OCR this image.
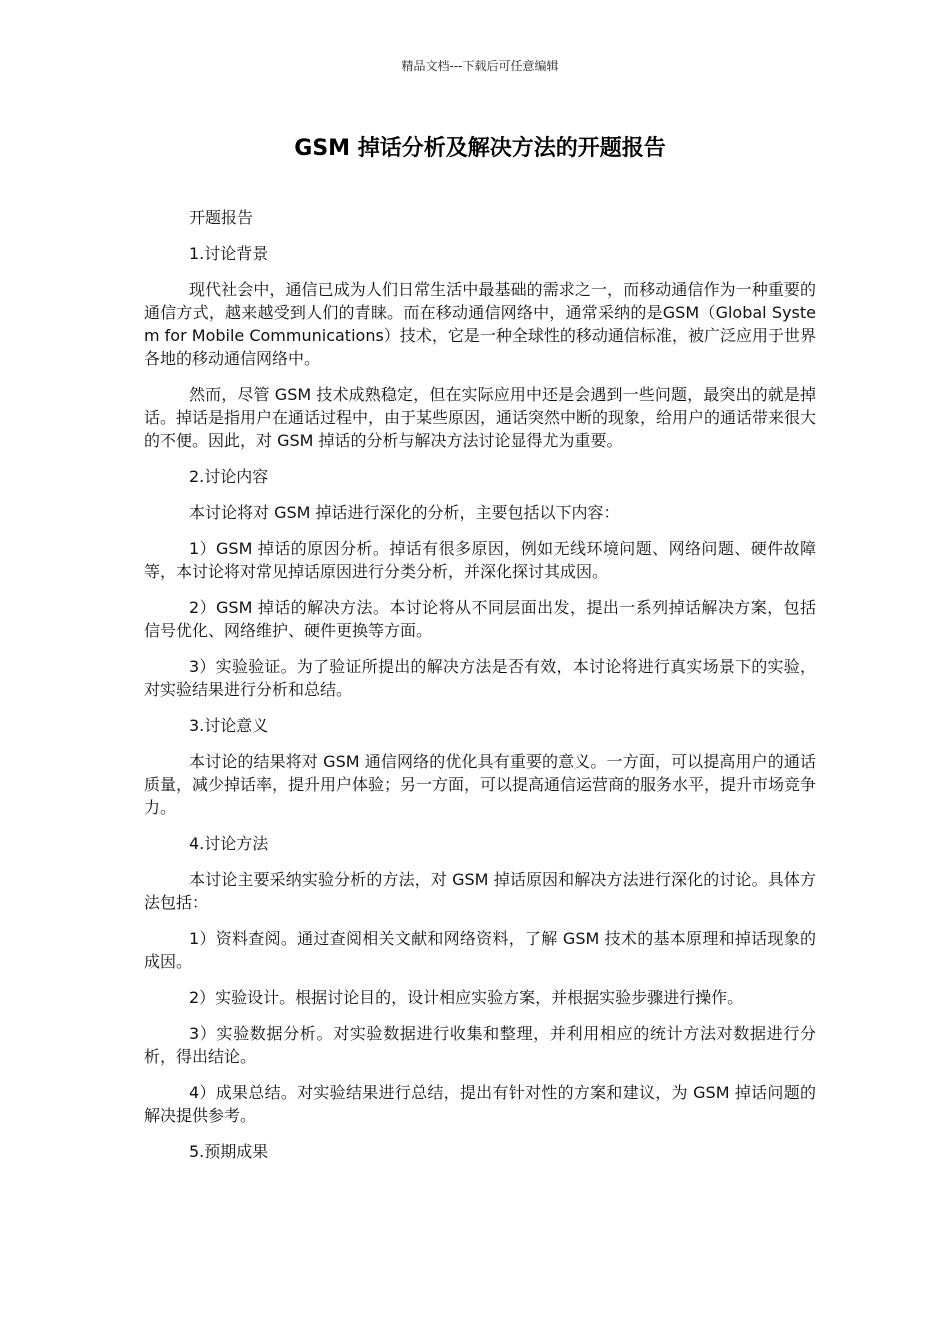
精品文档---下载后可任意编辑
GSM 掉话分析及解决方法的开题报告

开题报告

1.讨论背景

现代社会中，通信已成为人们日常生活中最基础的需求之一，而移动通信作为一种重要的通信方式，越来越受到人们的青睐。而在移动通信网络中，通常采纳的是GSM（Global System for Mobile Communications）技术，它是一种全球性的移动通信标准，被广泛应用于世界各地的移动通信网络中。

然而，尽管 GSM 技术成熟稳定，但在实际应用中还是会遇到一些问题，最突出的就是掉话。掉话是指用户在通话过程中，由于某些原因，通话突然中断的现象，给用户的通话带来很大的不便。因此，对 GSM 掉话的分析与解决方法讨论显得尤为重要。

2.讨论内容

本讨论将对 GSM 掉话进行深化的分析，主要包括以下内容：

1）GSM 掉话的原因分析。掉话有很多原因，例如无线环境问题、网络问题、硬件故障等，本讨论将对常见掉话原因进行分类分析，并深化探讨其成因。

2）GSM 掉话的解决方法。本讨论将从不同层面出发，提出一系列掉话解决方案，包括信号优化、网络维护、硬件更换等方面。

3）实验验证。为了验证所提出的解决方法是否有效，本讨论将进行真实场景下的实验，对实验结果进行分析和总结。

3.讨论意义

本讨论的结果将对 GSM 通信网络的优化具有重要的意义。一方面，可以提高用户的通话质量，减少掉话率，提升用户体验；另一方面，可以提高通信运营商的服务水平，提升市场竞争力。

4.讨论方法

本讨论主要采纳实验分析的方法，对 GSM 掉话原因和解决方法进行深化的讨论。具体方法包括：

1）资料查阅。通过查阅相关文献和网络资料，了解 GSM 技术的基本原理和掉话现象的成因。

2）实验设计。根据讨论目的，设计相应实验方案，并根据实验步骤进行操作。

3）实验数据分析。对实验数据进行收集和整理，并利用相应的统计方法对数据进行分析，得出结论。

4）成果总结。对实验结果进行总结，提出有针对性的方案和建议，为 GSM 掉话问题的解决提供参考。

5.预期成果
